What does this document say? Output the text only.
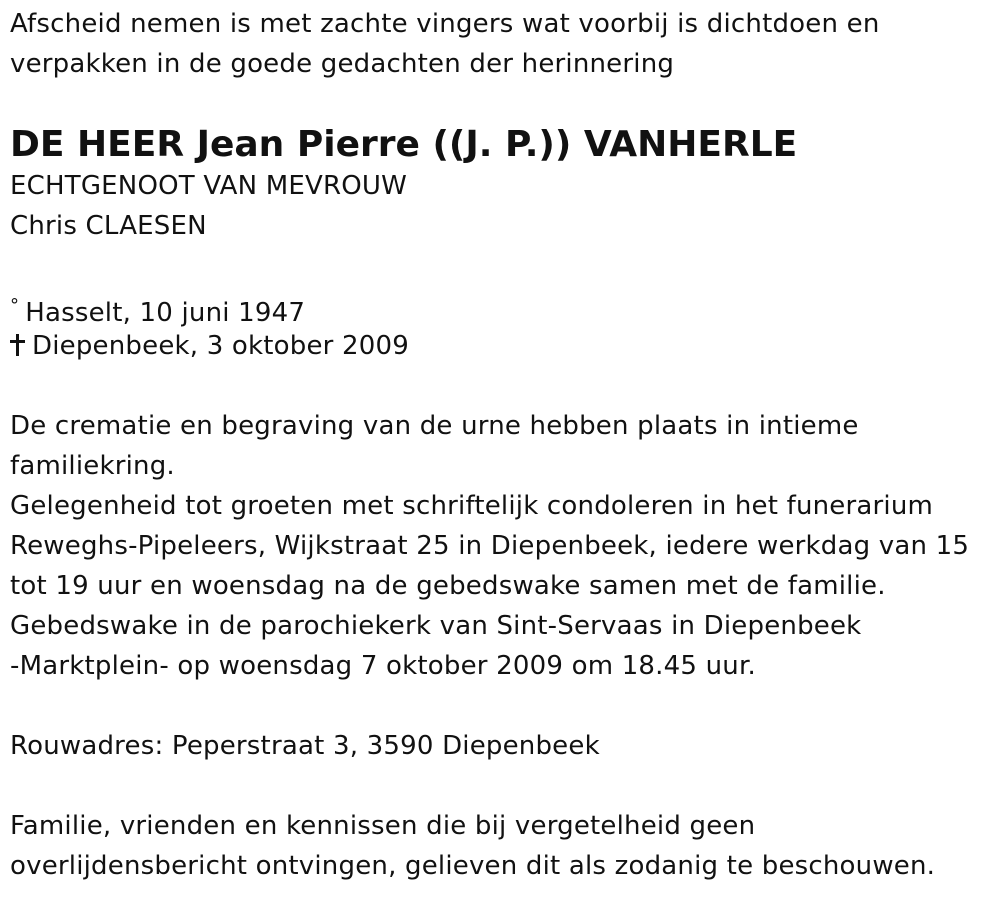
Afscheid nemen is met zachte vingers wat voorbij is dichtdoen en
verpakken in de goede gedachten der herinnering
DE HEER Jean Pierre ((J. P.)) VANHERLE
ECHTGENOOT VAN MEVROUW
Chris CLAESEN
° Hasselt, 10 juni 1947
Diepenbeek, 3 oktober 2009
De crematie en begraving van de urne hebben plaats in intieme
familiekring.
Gelegenheid tot groeten met schriftelijk condoleren in het funerarium
Reweghs-Pipeleers, Wijkstraat 25 in Diepenbeek, iedere werkdag van 15
tot 19 uur en woensdag na de gebedswake samen met de familie.
Gebedswake in de parochiekerk van Sint-Servaas in Diepenbeek
-Marktplein- op woensdag 7 oktober 2009 om 18.45 uur.
Rouwadres: Peperstraat 3, 3590 Diepenbeek
Familie, vrienden en kennissen die bij vergetelheid geen
overlijdensbericht ontvingen, gelieven dit als zodanig te beschouwen.
